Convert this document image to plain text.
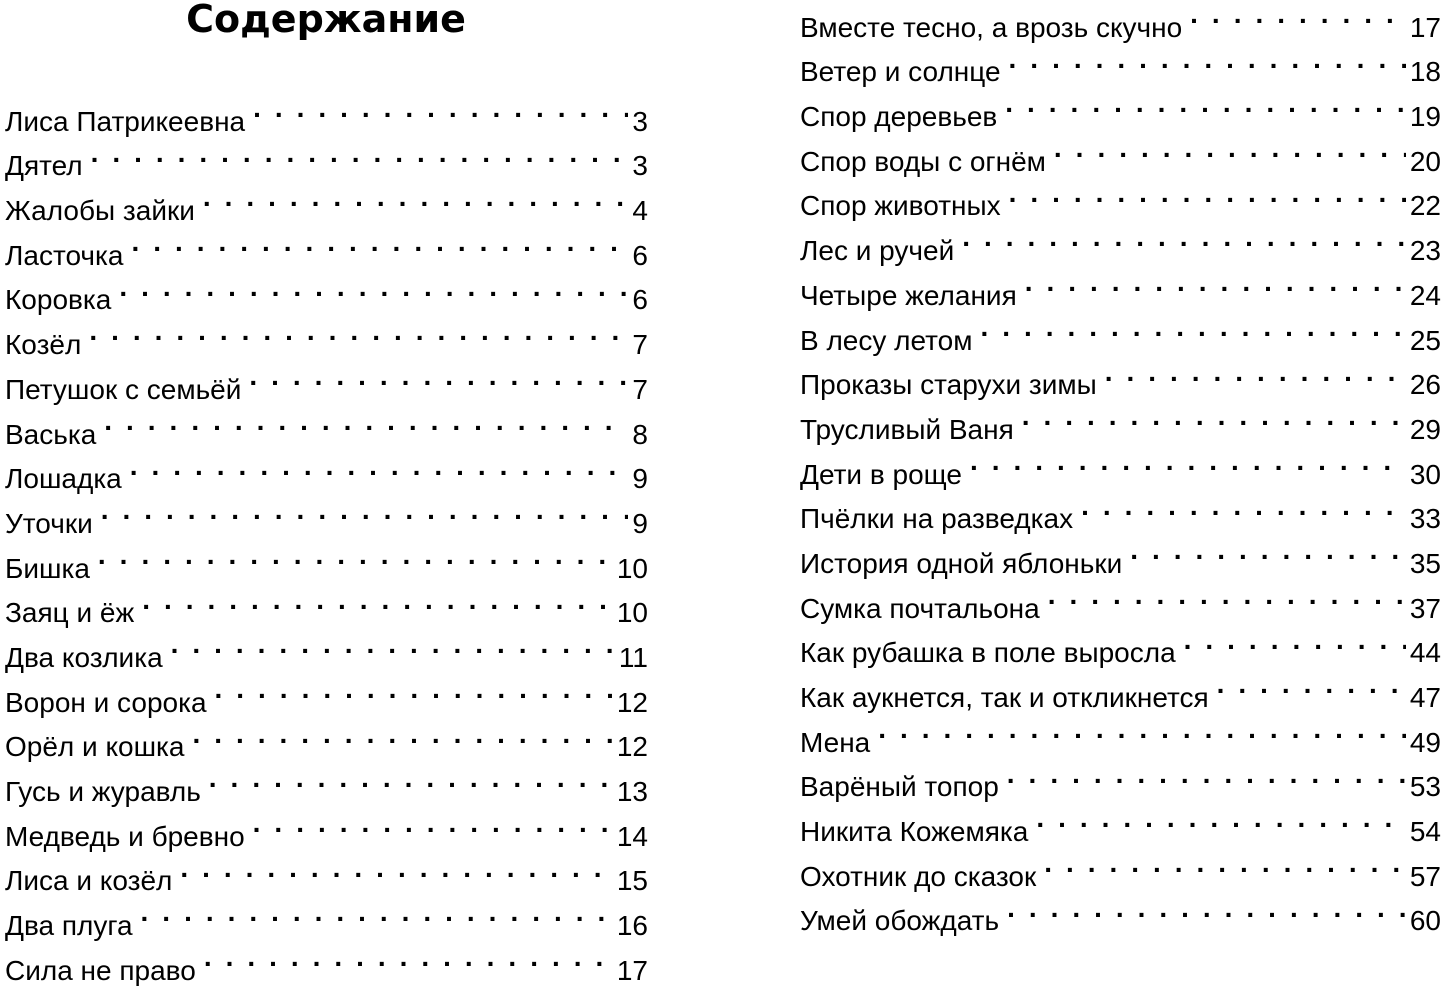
Содержание
Лиса Патрикеевна . . .	3
Дятел . . .	3
Жалобы зайки . . .	4
Ласточка . . .	6
Коровка . . .	6
Козёл . . .	7
Петушок с семьёй . . .	7
Васька . . .	8
Лошадка . . .	9
Уточки . . .	9
Бишка . . .	10
Заяц и ёж . . .	10
Два козлика . . .	11
Ворон и сорока . . .	12
Орёл и кошка . . .	12
Гусь и журавль . . .	13
Медведь и бревно . . .	14
Лиса и козёл . . .	15
Два плуга . . .	16
Сила не право . . .	17
Вместе тесно, а врозь скучно . . .	17
Ветер и солнце . . .	18
Спор деревьев . . .	19
Спор воды с огнём . . .	20
Спор животных . . .	22
Лес и ручей . . .	23
Четыре желания . . .	24
В лесу летом . . .	25
Проказы старухи зимы . . .	26
Трусливый Ваня . . .	29
Дети в роще . . .	30
Пчёлки на разведках . . .	33
История одной яблоньки . . .	35
Сумка почтальона . . .	37
Как рубашка в поле выросла . . .	44
Как аукнется, так и откликнется . . .	47
Мена . . .	49
Варёный топор . . .	53
Никита Кожемяка . . .	54
Охотник до сказок . . .	57
Умей обождать . . .	60
